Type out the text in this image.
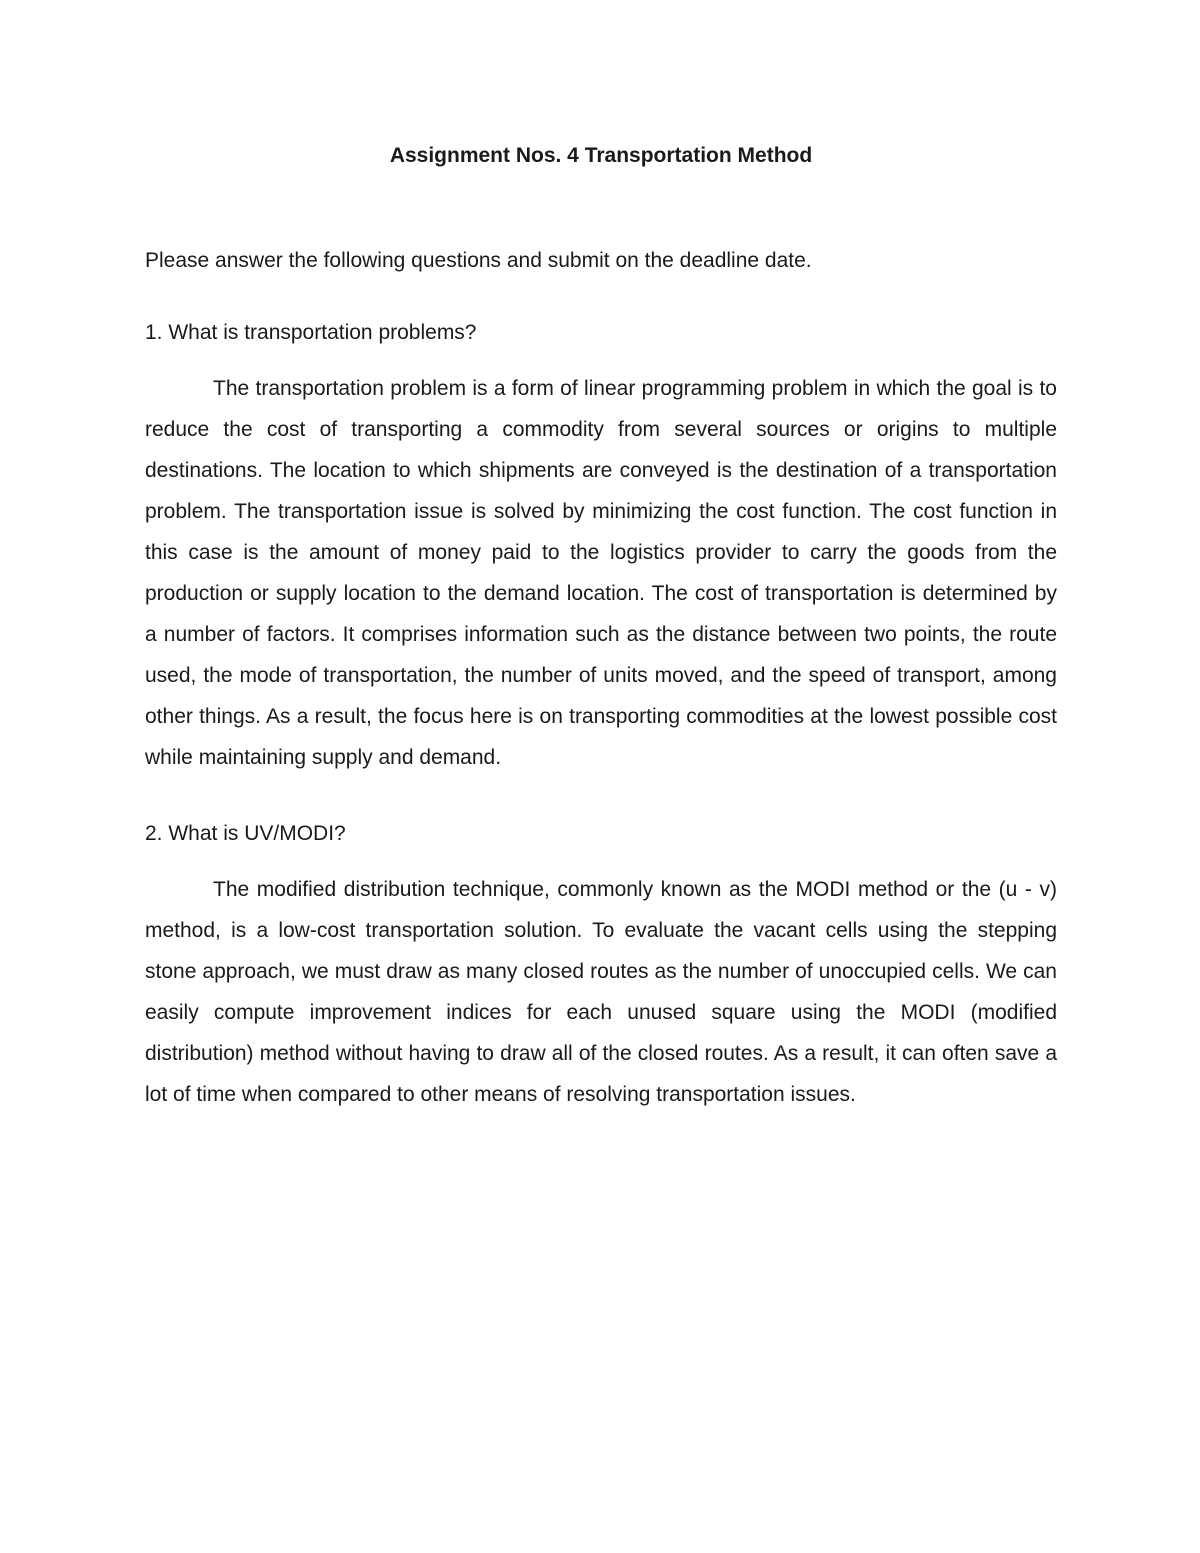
Assignment Nos. 4 Transportation Method

Please answer the following questions and submit on the deadline date.

1. What is transportation problems?

The transportation problem is a form of linear programming problem in which the goal is to reduce the cost of transporting a commodity from several sources or origins to multiple destinations. The location to which shipments are conveyed is the destination of a transportation problem. The transportation issue is solved by minimizing the cost function. The cost function in this case is the amount of money paid to the logistics provider to carry the goods from the production or supply location to the demand location. The cost of transportation is determined by a number of factors. It comprises information such as the distance between two points, the route used, the mode of transportation, the number of units moved, and the speed of transport, among other things. As a result, the focus here is on transporting commodities at the lowest possible cost while maintaining supply and demand.

2. What is UV/MODI?

The modified distribution technique, commonly known as the MODI method or the (u - v) method, is a low-cost transportation solution. To evaluate the vacant cells using the stepping stone approach, we must draw as many closed routes as the number of unoccupied cells. We can easily compute improvement indices for each unused square using the MODI (modified distribution) method without having to draw all of the closed routes. As a result, it can often save a lot of time when compared to other means of resolving transportation issues.
